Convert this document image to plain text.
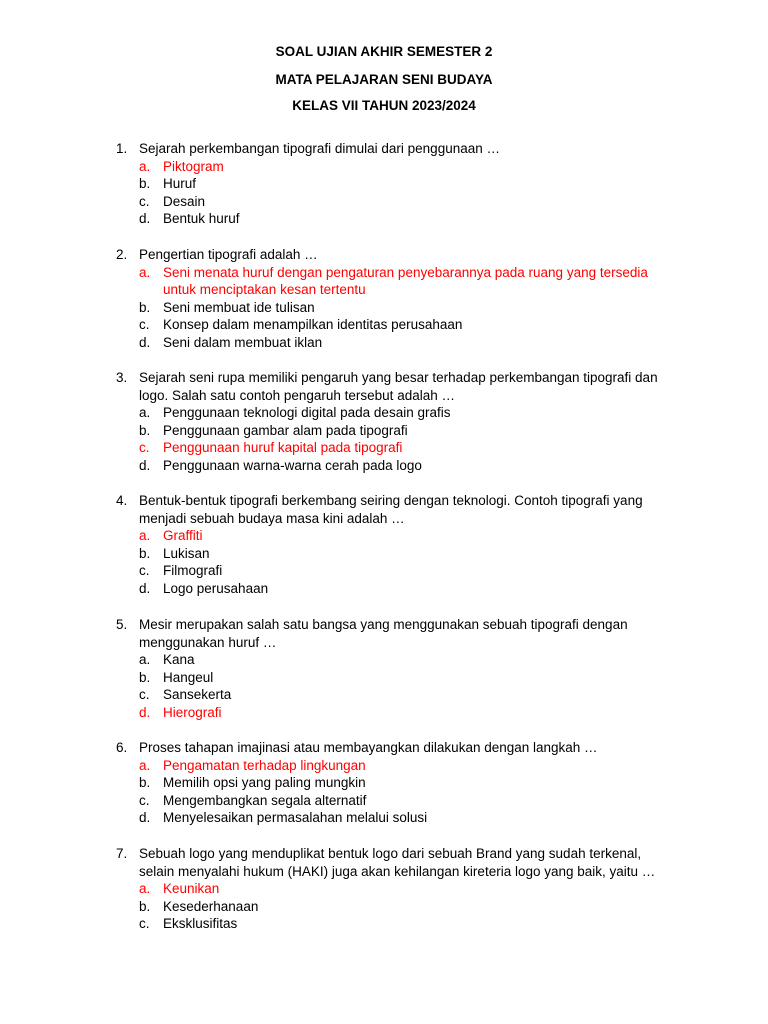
SOAL UJIAN AKHIR SEMESTER 2
MATA PELAJARAN SENI BUDAYA
KELAS VII TAHUN 2023/2024
1. Sejarah perkembangan tipografi dimulai dari penggunaan …
a. Piktogram
b. Huruf
c. Desain
d. Bentuk huruf
2. Pengertian tipografi adalah …
a. Seni menata huruf dengan pengaturan penyebarannya pada ruang yang tersedia untuk menciptakan kesan tertentu
b. Seni membuat ide tulisan
c. Konsep dalam menampilkan identitas perusahaan
d. Seni dalam membuat iklan
3. Sejarah seni rupa memiliki pengaruh yang besar terhadap perkembangan tipografi dan logo. Salah satu contoh pengaruh tersebut adalah …
a. Penggunaan teknologi digital pada desain grafis
b. Penggunaan gambar alam pada tipografi
c. Penggunaan huruf kapital pada tipografi
d. Penggunaan warna-warna cerah pada logo
4. Bentuk-bentuk tipografi berkembang seiring dengan teknologi. Contoh tipografi yang menjadi sebuah budaya masa kini adalah …
a. Graffiti
b. Lukisan
c. Filmografi
d. Logo perusahaan
5. Mesir merupakan salah satu bangsa yang menggunakan sebuah tipografi dengan menggunakan huruf …
a. Kana
b. Hangeul
c. Sansekerta
d. Hierografi
6. Proses tahapan imajinasi atau membayangkan dilakukan dengan langkah …
a. Pengamatan terhadap lingkungan
b. Memilih opsi yang paling mungkin
c. Mengembangkan segala alternatif
d. Menyelesaikan permasalahan melalui solusi
7. Sebuah logo yang menduplikat bentuk logo dari sebuah Brand yang sudah terkenal, selain menyalahi hukum (HAKI) juga akan kehilangan kireteria logo yang baik, yaitu …
a. Keunikan
b. Kesederhanaan
c. Eksklusifitas
